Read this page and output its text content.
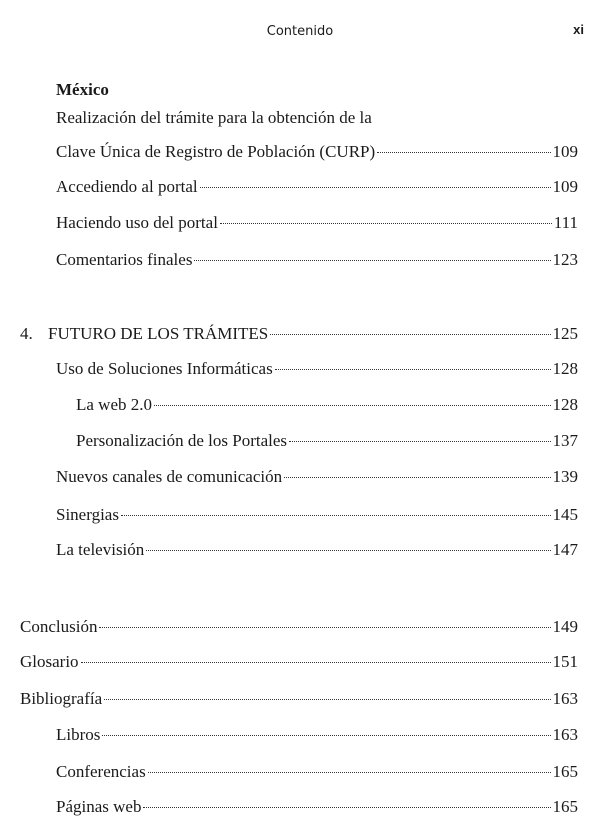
Contenido	xi
México
Realización del trámite para la obtención de la
Clave Única de Registro de Población (CURP)	109
Accediendo al portal	109
Haciendo uso del portal	111
Comentarios finales	123
4. FUTURO DE LOS TRÁMITES	125
Uso de Soluciones Informáticas	128
La web 2.0	128
Personalización de los Portales	137
Nuevos canales de comunicación	139
Sinergias	145
La televisión	147
Conclusión	149
Glosario	151
Bibliografía	163
Libros	163
Conferencias	165
Páginas web	165
